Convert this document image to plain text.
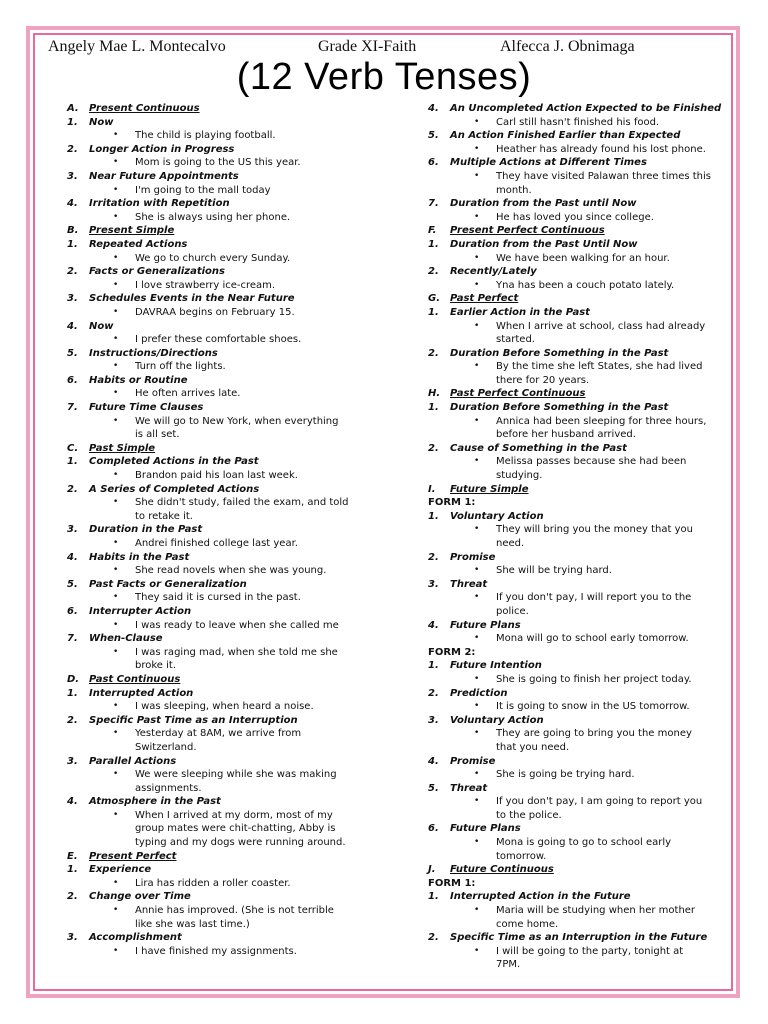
Angely Mae L. Montecalvo	Grade XI-Faith	Alfecca J. Obnimaga
(12 Verb Tenses)
A. Present Continuous
1. Now
• The child is playing football.
2. Longer Action in Progress
• Mom is going to the US this year.
3. Near Future Appointments
• I'm going to the mall today
4. Irritation with Repetition
• She is always using her phone.
B. Present Simple
1. Repeated Actions
• We go to church every Sunday.
2. Facts or Generalizations
• I love strawberry ice-cream.
3. Schedules Events in the Near Future
• DAVRAA begins on February 15.
4. Now
• I prefer these comfortable shoes.
5. Instructions/Directions
• Turn off the lights.
6. Habits or Routine
• He often arrives late.
7. Future Time Clauses
• We will go to New York, when everything
is all set.
C. Past Simple
1. Completed Actions in the Past
• Brandon paid his loan last week.
2. A Series of Completed Actions
• She didn't study, failed the exam, and told
to retake it.
3. Duration in the Past
• Andrei finished college last year.
4. Habits in the Past
• She read novels when she was young.
5. Past Facts or Generalization
• They said it is cursed in the past.
6. Interrupter Action
• I was ready to leave when she called me
7. When-Clause
• I was raging mad, when she told me she
broke it.
D. Past Continuous
1. Interrupted Action
• I was sleeping, when heard a noise.
2. Specific Past Time as an Interruption
• Yesterday at 8AM, we arrive from
Switzerland.
3. Parallel Actions
• We were sleeping while she was making
assignments.
4. Atmosphere in the Past
• When I arrived at my dorm, most of my
group mates were chit-chatting, Abby is
typing and my dogs were running around.
E. Present Perfect
1. Experience
• Lira has ridden a roller coaster.
2. Change over Time
• Annie has improved. (She is not terrible
like she was last time.)
3. Accomplishment
• I have finished my assignments.
4. An Uncompleted Action Expected to be Finished
• Carl still hasn't finished his food.
5. An Action Finished Earlier than Expected
• Heather has already found his lost phone.
6. Multiple Actions at Different Times
• They have visited Palawan three times this
month.
7. Duration from the Past until Now
• He has loved you since college.
F. Present Perfect Continuous
1. Duration from the Past Until Now
• We have been walking for an hour.
2. Recently/Lately
• Yna has been a couch potato lately.
G. Past Perfect
1. Earlier Action in the Past
• When I arrive at school, class had already
started.
2. Duration Before Something in the Past
• By the time she left States, she had lived
there for 20 years.
H. Past Perfect Continuous
1. Duration Before Something in the Past
• Annica had been sleeping for three hours,
before her husband arrived.
2. Cause of Something in the Past
• Melissa passes because she had been
studying.
I. Future Simple
FORM 1:
1. Voluntary Action
• They will bring you the money that you
need.
2. Promise
• She will be trying hard.
3. Threat
• If you don't pay, I will report you to the
police.
4. Future Plans
• Mona will go to school early tomorrow.
FORM 2:
1. Future Intention
• She is going to finish her project today.
2. Prediction
• It is going to snow in the US tomorrow.
3. Voluntary Action
• They are going to bring you the money
that you need.
4. Promise
• She is going be trying hard.
5. Threat
• If you don't pay, I am going to report you
to the police.
6. Future Plans
• Mona is going to go to school early
tomorrow.
J. Future Continuous
FORM 1:
1. Interrupted Action in the Future
• Maria will be studying when her mother
come home.
2. Specific Time as an Interruption in the Future
• I will be going to the party, tonight at
7PM.
